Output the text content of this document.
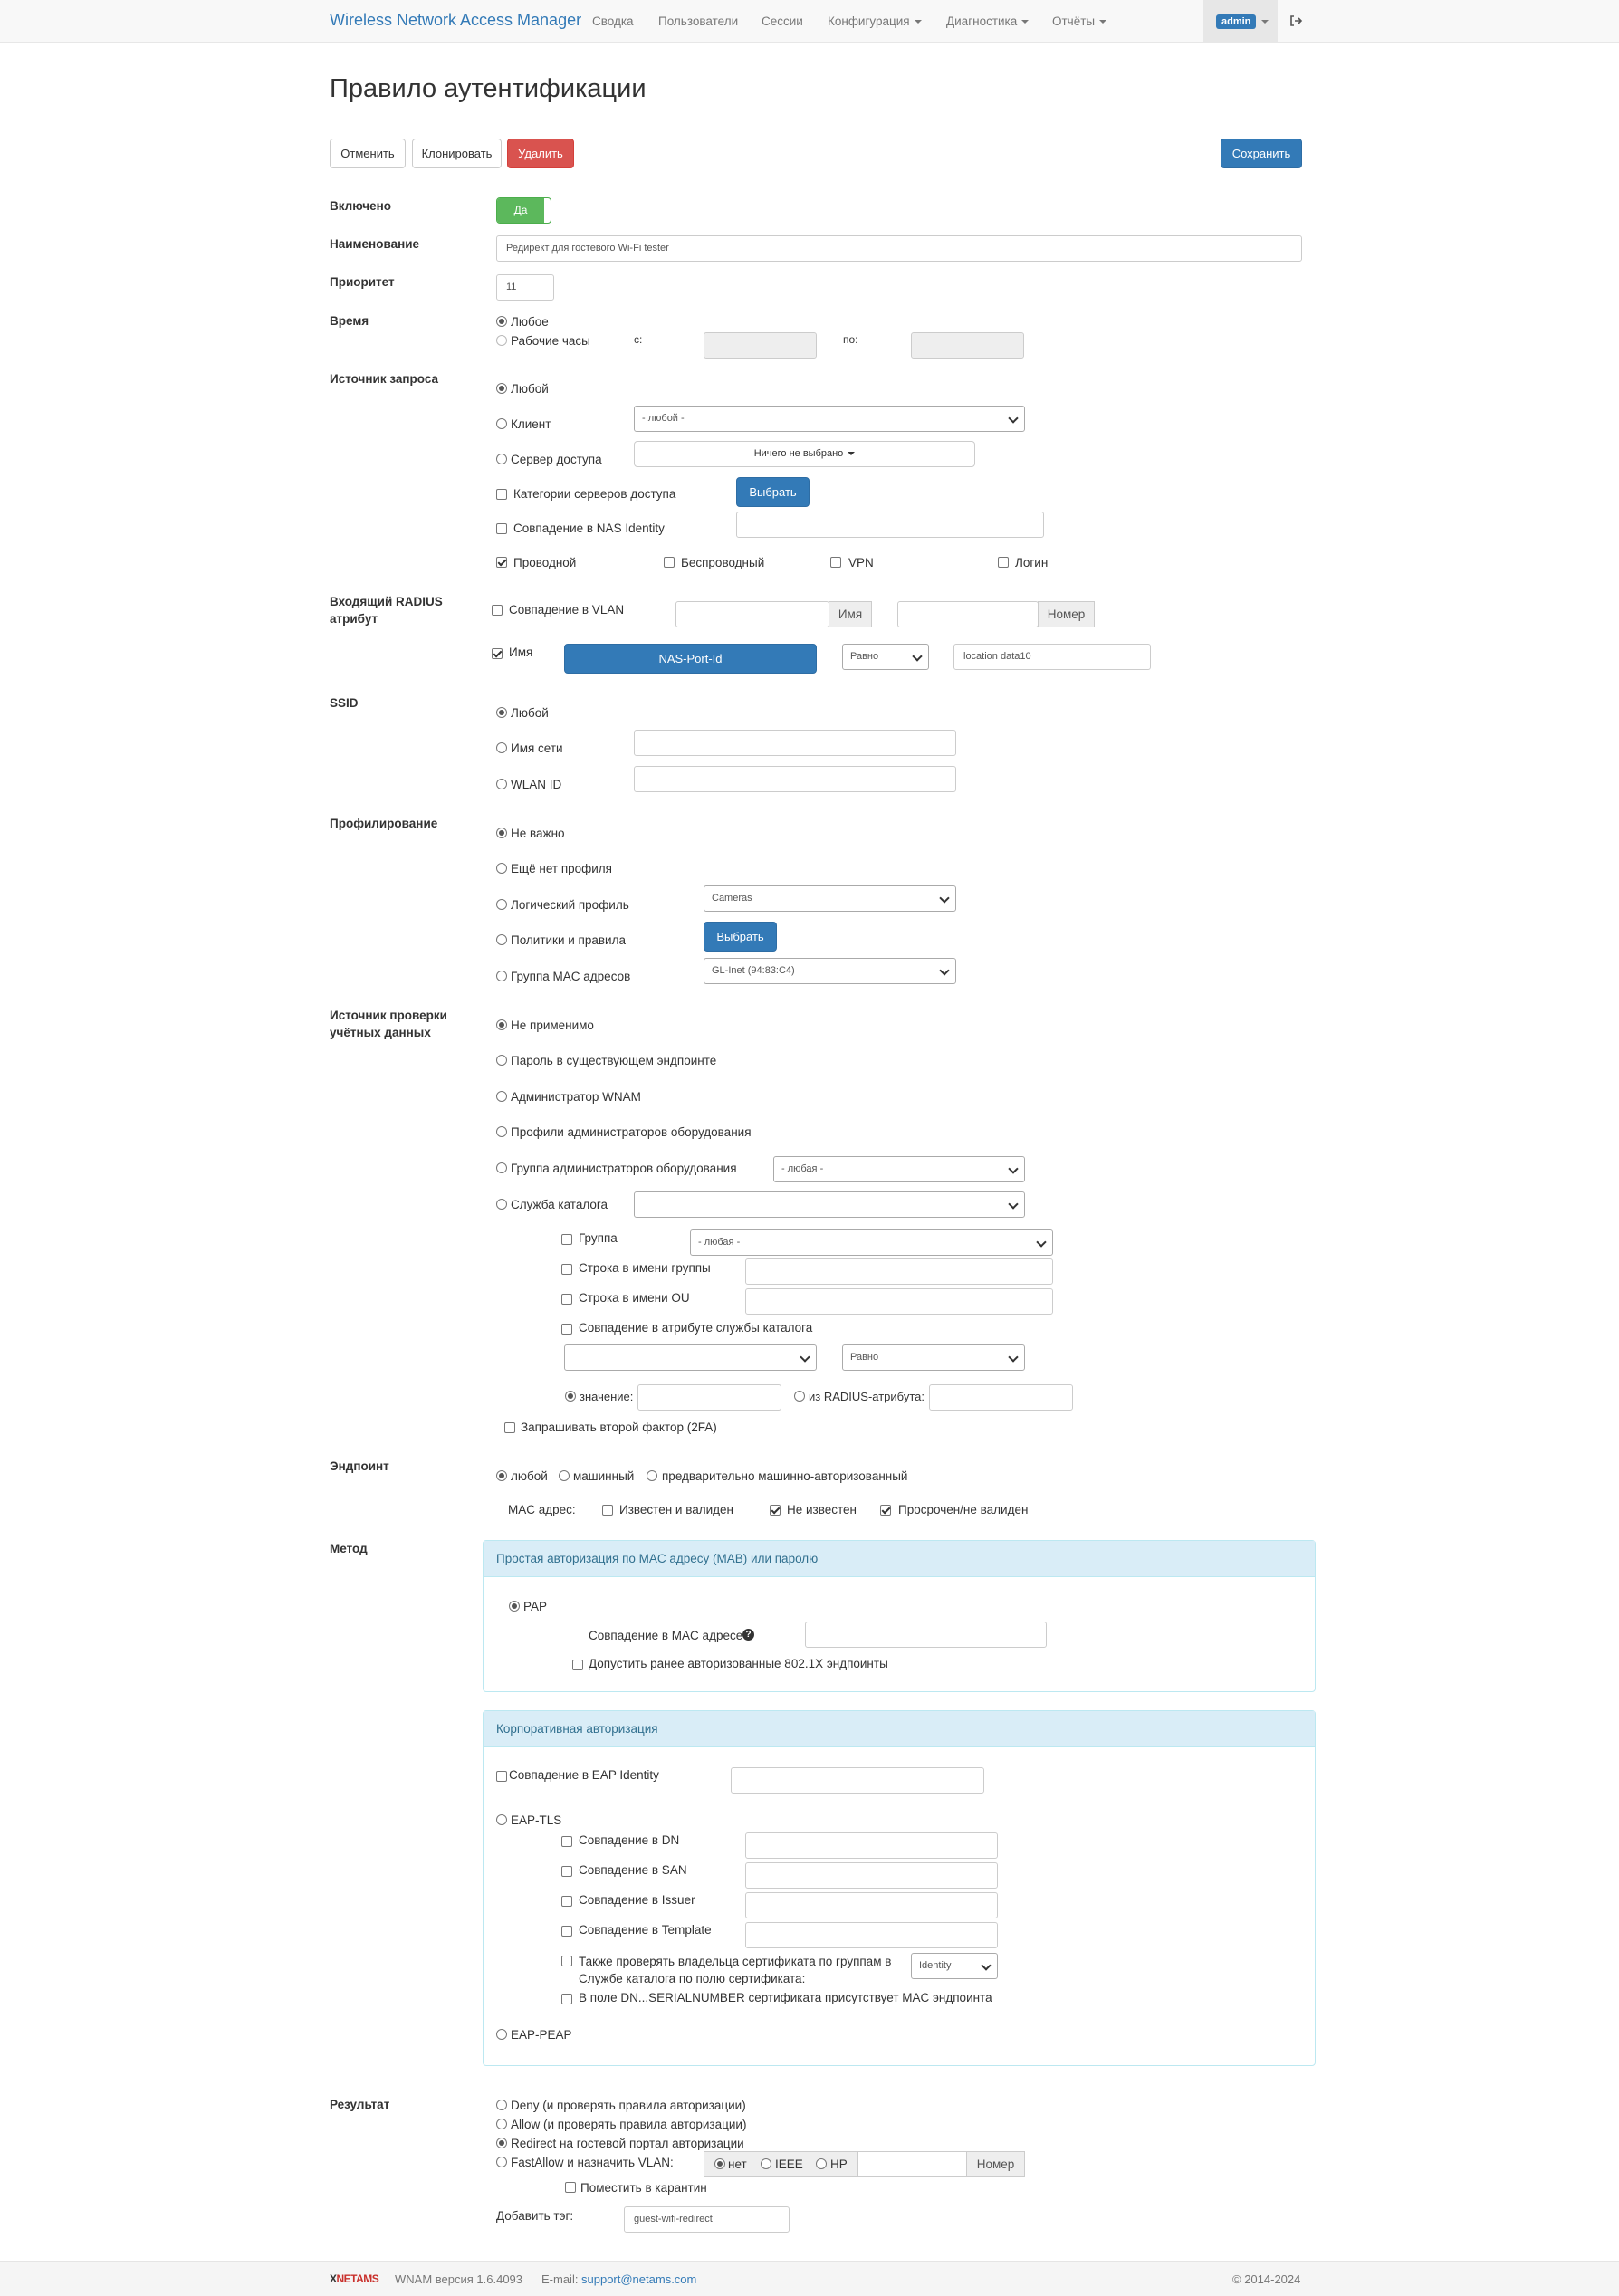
Wireless Network Access Manager Сводка Пользователи Сессии Конфигурация	Диагностика	Отчёты	admin
Правило аутентификации
Отменить	Клонировать	Удалить	Сохранить
Включено	Да
Наименование	Редирект для гостевого Wi-Fi tester
Приоритет	11
Время	Любое
Рабочие часы	с:	по:
Источник запроса
Любой
Клиент	- любой -
Сервер доступа	Ничего не выбрано
Категории серверов доступа	Выбрать
Совпадение в NAS Identity
Проводной	Беспроводный	VPN	Логин
Входящий RADIUS
атрибут
Совпадение в VLAN	Имя	Номер
Имя	NAS-Port-Id	Равно	location data10
SSID
Любой
Имя сети
WLAN ID
Профилирование
Не важно
Ещё нет профиля
Логический профиль	Cameras
Политики и правила	Выбрать
Группа MAC адресов	GL-Inet (94:83:C4)
Источник проверки
учётных данных
Не применимо
Пароль в существующем эндпоинте
Администратор WNAM
Профили администраторов оборудования
Группа администраторов оборудования	- любая -
Служба каталога
Группа	- любая -
Строка в имени группы
Строка в имени OU
Совпадение в атрибуте службы каталога
Равно
значение:	из RADIUS-атрибута:
Запрашивать второй фактор (2FA)
Эндпоинт
любой машинный предварительно машинно-авторизованный
MAC адрес:	Известен и валиден	Не известен	Просрочен/не валиден
Метод
Простая авторизация по MAC адресу (MAB) или паролю
PAP
Совпадение в MAC адресе ?
Допустить ранее авторизованные 802.1X эндпоинты
Корпоративная авторизация
Совпадение в EAP Identity
EAP-TLS
Совпадение в DN
Совпадение в SAN
Совпадение в Issuer
Совпадение в Template
Также проверять владельца сертификата по группам в
Службе каталога по полю сертификата:
Identity
В поле DN...SERIALNUMBER сертификата присутствует MAC эндпоинта
EAP-PEAP
Результат	Deny (и проверять правила авторизации)
Allow (и проверять правила авторизации)
Redirect на гостевой портал авторизации
FastAllow и назначить VLAN:	нет IEEE HP	Номер
Поместить в карантин
Добавить тэг:	guest-wifi-redirect
XNETAMS WNAM версия 1.6.4093 E-mail: support@netams.com	© 2014-2024
